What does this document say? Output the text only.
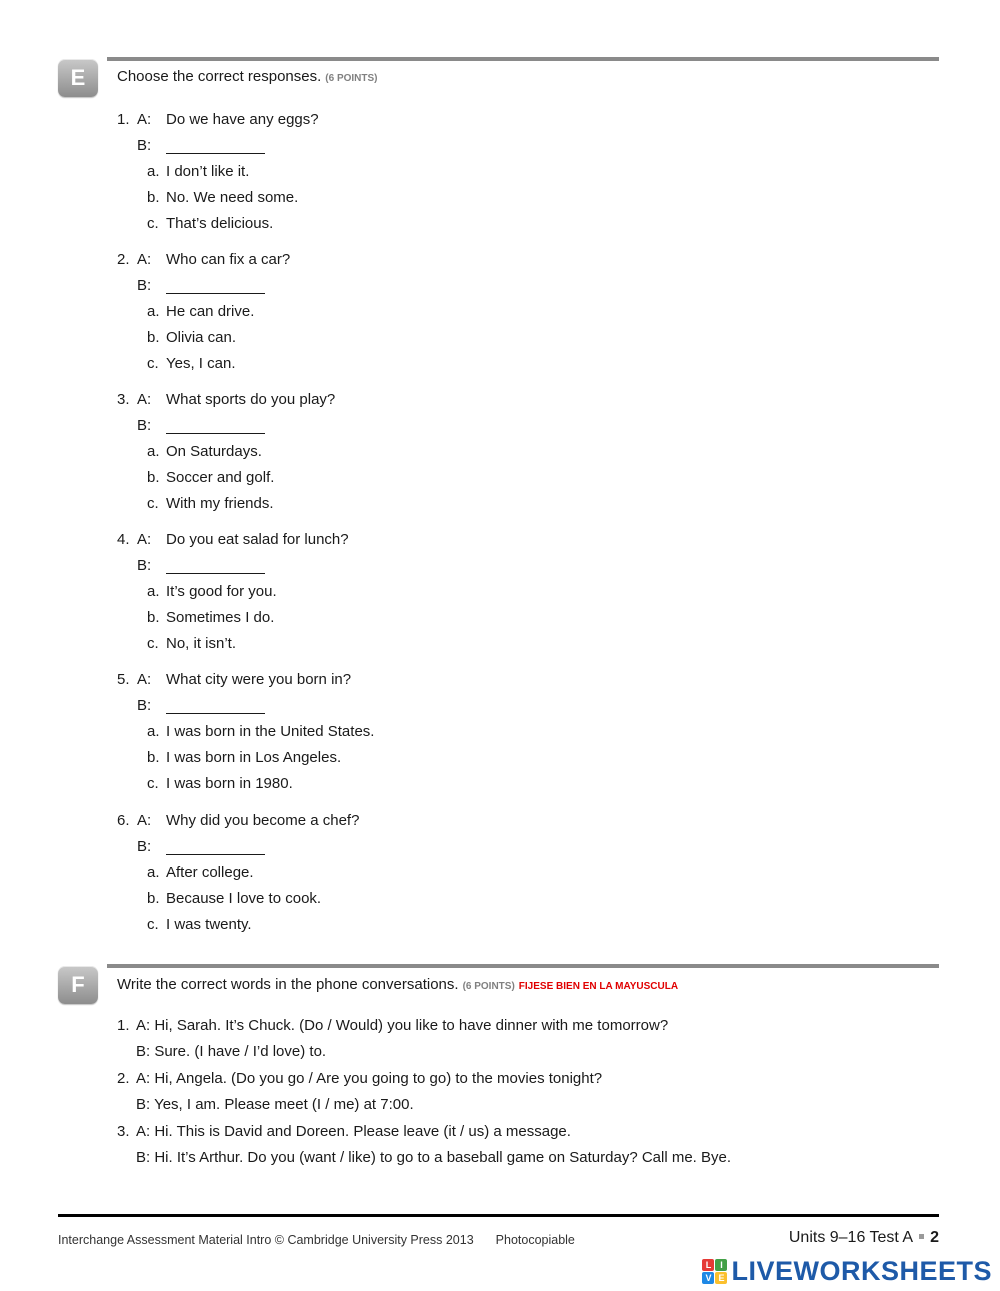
E	Choose the correct responses. (6 POINTS)
1. A: Do we have any eggs?
B:
a. I don’t like it.
b. No. We need some.
c. That’s delicious.
2. A: Who can fix a car?
B:
a. He can drive.
b. Olivia can.
c. Yes, I can.
3. A: What sports do you play?
B:
a. On Saturdays.
b. Soccer and golf.
c. With my friends.
4. A: Do you eat salad for lunch?
B:
a. It’s good for you.
b. Sometimes I do.
c. No, it isn’t.
5. A: What city were you born in?
B:
a. I was born in the United States.
b. I was born in Los Angeles.
c. I was born in 1980.
6. A: Why did you become a chef?
B:
a. After college.
b. Because I love to cook.
c. I was twenty.
F	Write the correct words in the phone conversations. (6 POINTS) FIJESE BIEN EN LA MAYUSCULA
1. A: Hi, Sarah. It’s Chuck. (Do / Would) you like to have dinner with me tomorrow?
B: Sure. (I have / I’d love) to.
2. A: Hi, Angela. (Do you go / Are you going to go) to the movies tonight?
B: Yes, I am. Please meet (I / me) at 7:00.
3. A: Hi. This is David and Doreen. Please leave (it / us) a message.
B: Hi. It’s Arthur. Do you (want / like) to go to a baseball game on Saturday? Call me. Bye.
Interchange Assessment Material Intro © Cambridge University Press 2013 Photocopiable	Units 9–16 Test A 2
L I
V E LIVEWORKSHEETS
